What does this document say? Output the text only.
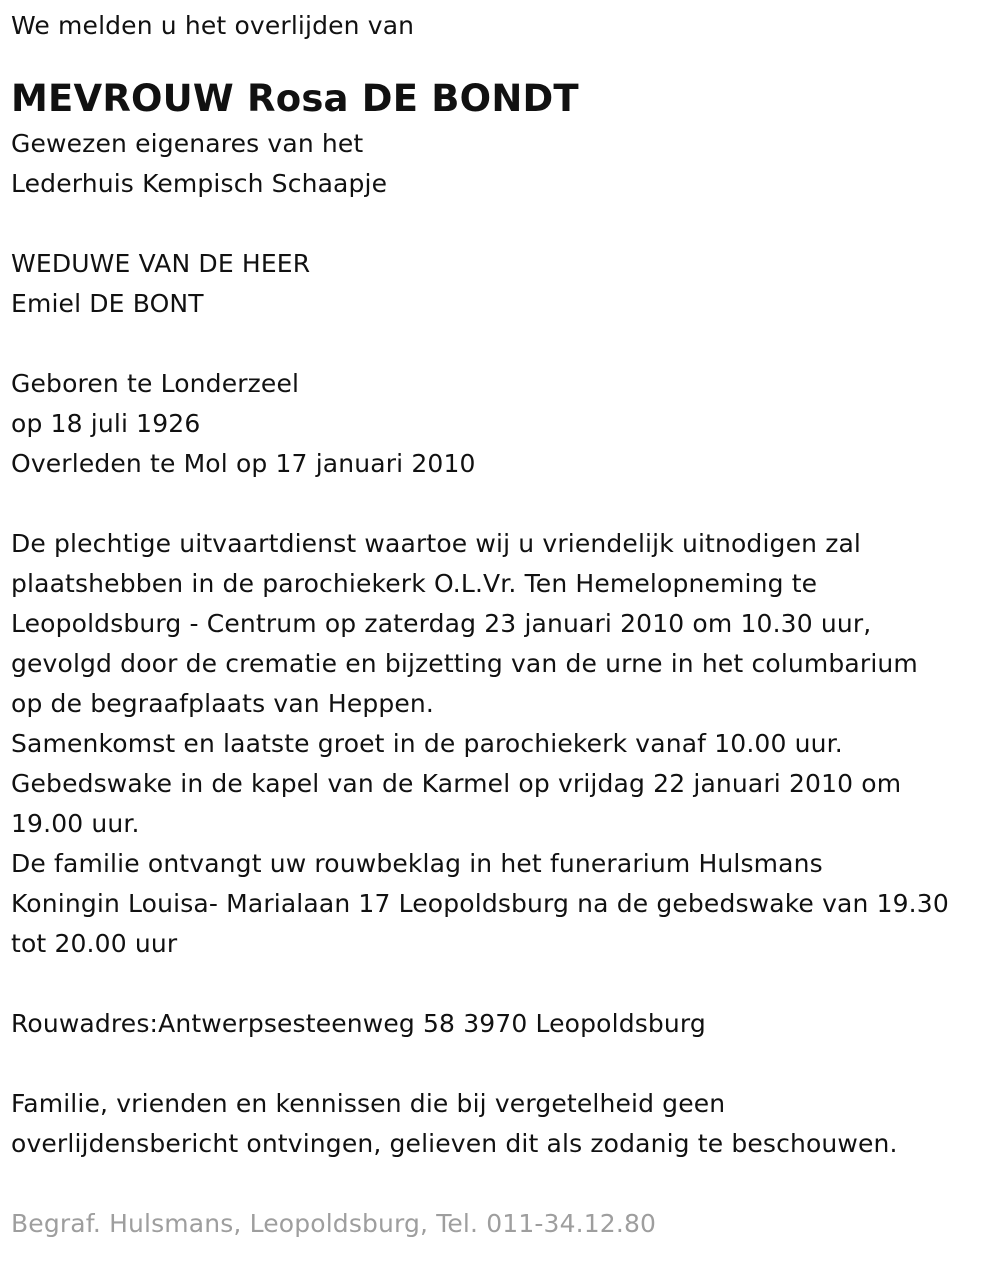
We melden u het overlijden van
MEVROUW Rosa DE BONDT
Gewezen eigenares van het
Lederhuis Kempisch Schaapje
WEDUWE VAN DE HEER
Emiel DE BONT
Geboren te Londerzeel
op 18 juli 1926
Overleden te Mol op 17 januari 2010
De plechtige uitvaartdienst waartoe wij u vriendelijk uitnodigen zal
plaatshebben in de parochiekerk O.L.Vr. Ten Hemelopneming te
Leopoldsburg - Centrum op zaterdag 23 januari 2010 om 10.30 uur,
gevolgd door de crematie en bijzetting van de urne in het columbarium
op de begraafplaats van Heppen.
Samenkomst en laatste groet in de parochiekerk vanaf 10.00 uur.
Gebedswake in de kapel van de Karmel op vrijdag 22 januari 2010 om
19.00 uur.
De familie ontvangt uw rouwbeklag in het funerarium Hulsmans
Koningin Louisa- Marialaan 17 Leopoldsburg na de gebedswake van 19.30
tot 20.00 uur
Rouwadres:Antwerpsesteenweg 58 3970 Leopoldsburg
Familie, vrienden en kennissen die bij vergetelheid geen
overlijdensbericht ontvingen, gelieven dit als zodanig te beschouwen.
Begraf. Hulsmans, Leopoldsburg, Tel. 011-34.12.80
